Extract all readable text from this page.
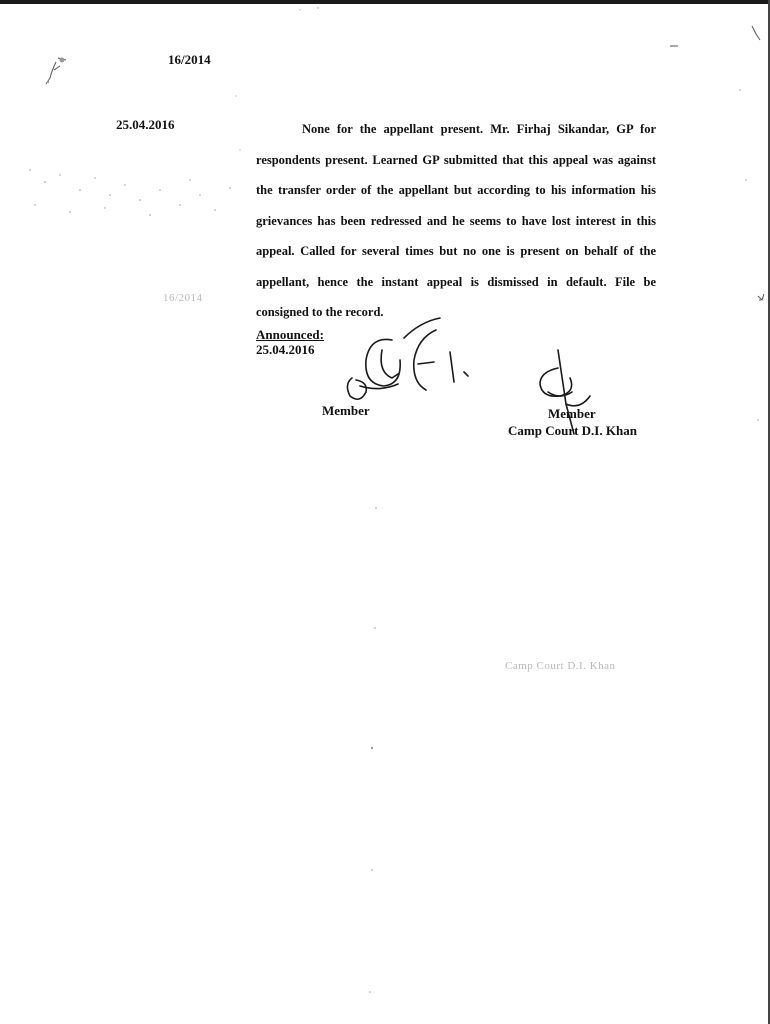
16/2014
25.04.2016	None for the appellant present. Mr. Firhaj Sikandar, GP for respondents present. Learned GP submitted that this appeal was against the transfer order of the appellant but according to his information his grievances has been redressed and he seems to have lost interest in this appeal. Called for several times but no one is present on behalf of the appellant, hence the instant appeal is dismissed in default. File be consigned to the record.

16/2014
Announced:
25.04.2016
Member	Member
Camp Court D.I. Khan
Camp Court D.I. Khan
